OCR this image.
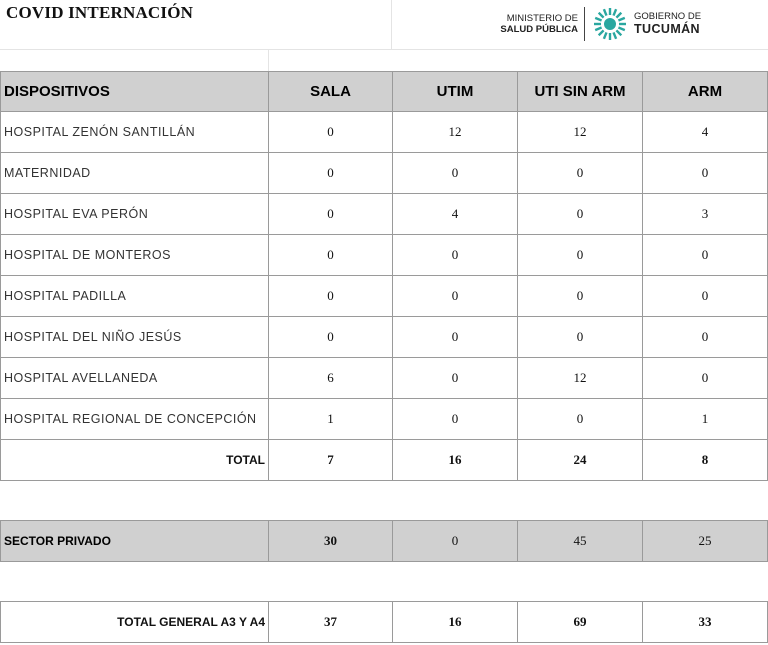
COVID INTERNACIÓN	MINISTERIO DE
SALUD PÚBLICA
GOBIERNO DE
TUCUMÁN
DISPOSITIVOS	SALA	UTIM	UTI SIN ARM	ARM
HOSPITAL ZENÓN SANTILLÁN	0	12	12	4
MATERNIDAD	0	0	0	0
HOSPITAL EVA PERÓN	0	4	0	3
HOSPITAL DE MONTEROS	0	0	0	0
HOSPITAL PADILLA	0	0	0	0
HOSPITAL DEL NIÑO JESÚS	0	0	0	0
HOSPITAL AVELLANEDA	6	0	12	0
HOSPITAL REGIONAL DE CONCEPCIÓN	1	0	0	1
TOTAL	7	16	24	8

SECTOR PRIVADO	30	0	45	25

TOTAL GENERAL A3 Y A4	37	16	69	33
